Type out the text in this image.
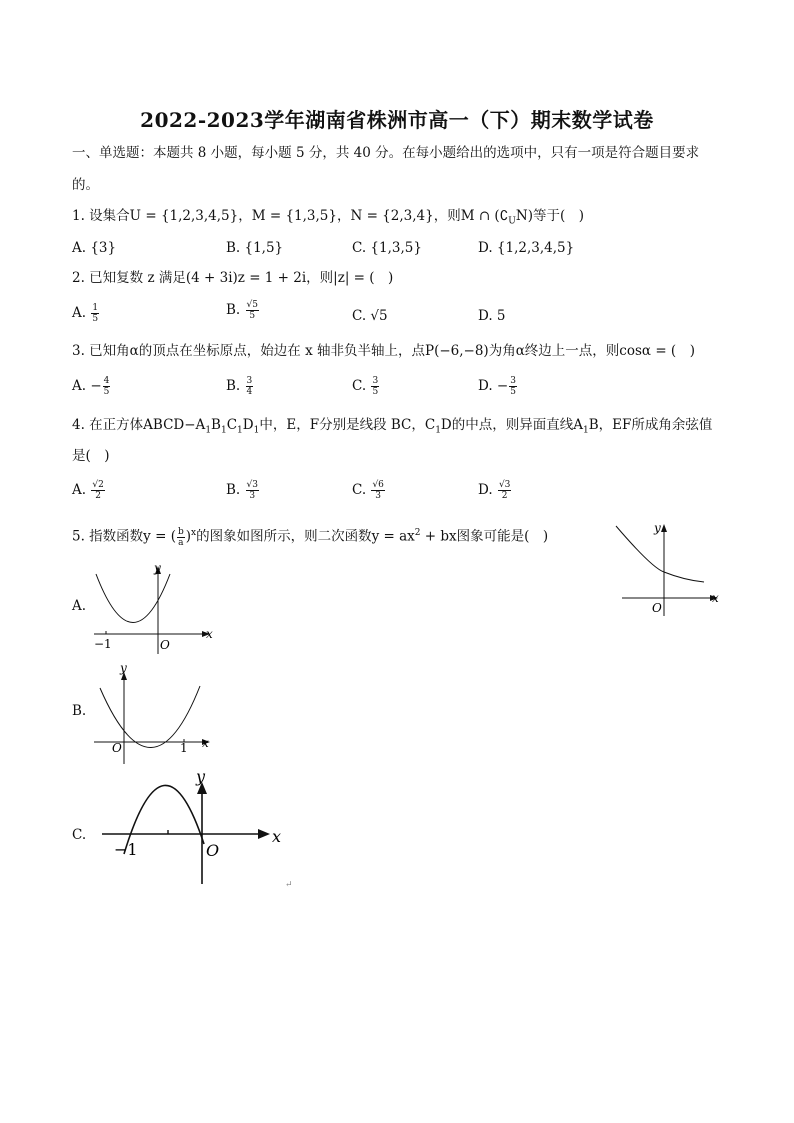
2022-2023学年湖南省株洲市高一（下）期末数学试卷
一、单选题：本题共 8 小题，每小题 5 分，共 40 分。在每小题给出的选项中，只有一项是符合题目要求
的。
1. 设集合U = {1,2,3,4,5}，M = {1,3,5}，N = {2,3,4}，则M ∩ $(∁_UN)$等于(　)
A. {3}	B. {1,5}	C. {1,3,5}	D. {1,2,3,4,5}
2. 已知复数 z 满足(4 + 3i)z = 1 + 2i，则|z| = (　)
A. $\frac{1}{5}$	B. $\frac{√5}{5}$	C. √5	D. 5
3. 已知角α的顶点在坐标原点，始边在 x 轴非负半轴上，点P(−6,−8)为角α终边上一点，则cosα = (　)
A. − $\frac{4}{5}$	B. $\frac{3}{4}$	C. $\frac{3}{5}$	D. − $\frac{3}{5}$
4. 在正方体$ABCD-A_1B_1C_1D_1$中，E，F分别是线段 BC，$C_1D$的中点，则异面直线$A_1B$，EF所成角余弦值
是(　)
A. $\frac{√2}{2}$	B. $\frac{√3}{3}$	C. $\frac{√6}{3}$	D. $\frac{√3}{2}$
5. 指数函数y = ( $\frac{b}{a} )^x$的图象如图所示，则二次函数$y = ax^2$ + bx图象可能是(　)
y
x
O
A.
y
x
−1	O
B.
y
x
O	1
C.
y
x
−1	O
↵
